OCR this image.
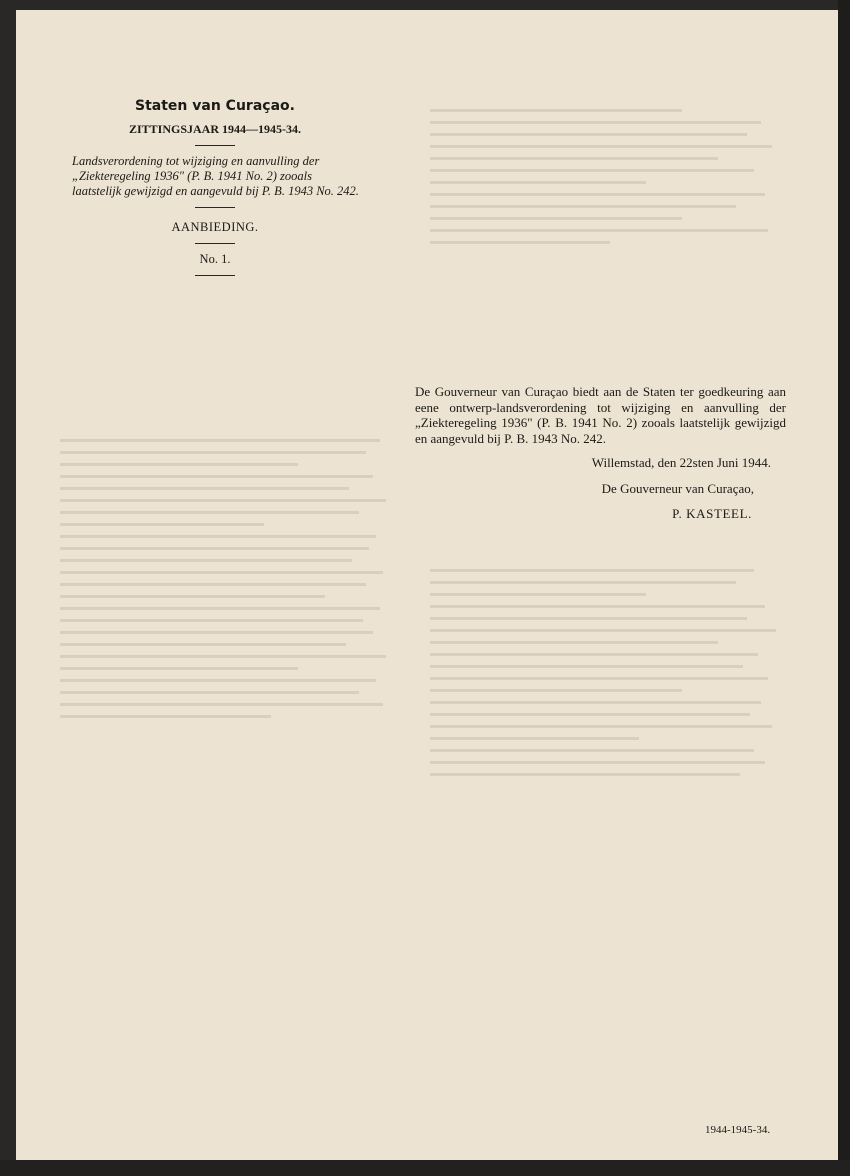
Staten van Curaçao.

ZITTINGSJAAR 1944—1945-34.

Landsverordening tot wijziging en aanvulling der „Ziekteregeling 1936" (P. B. 1941 No. 2) zooals laatstelijk gewijzigd en aangevuld bij P. B. 1943 No. 242.

AANBIEDING.

No. 1.

De Gouverneur van Curaçao biedt aan de Staten ter goedkeuring aan eene ontwerp-landsverordening tot wijziging en aanvulling der „Ziekteregeling 1936" (P. B. 1941 No. 2) zooals laatstelijk gewijzigd en aangevuld bij P. B. 1943 No. 242.

Willemstad, den 22sten Juni 1944.

De Gouverneur van Curaçao,

P. KASTEEL.

1944-1945-34.
